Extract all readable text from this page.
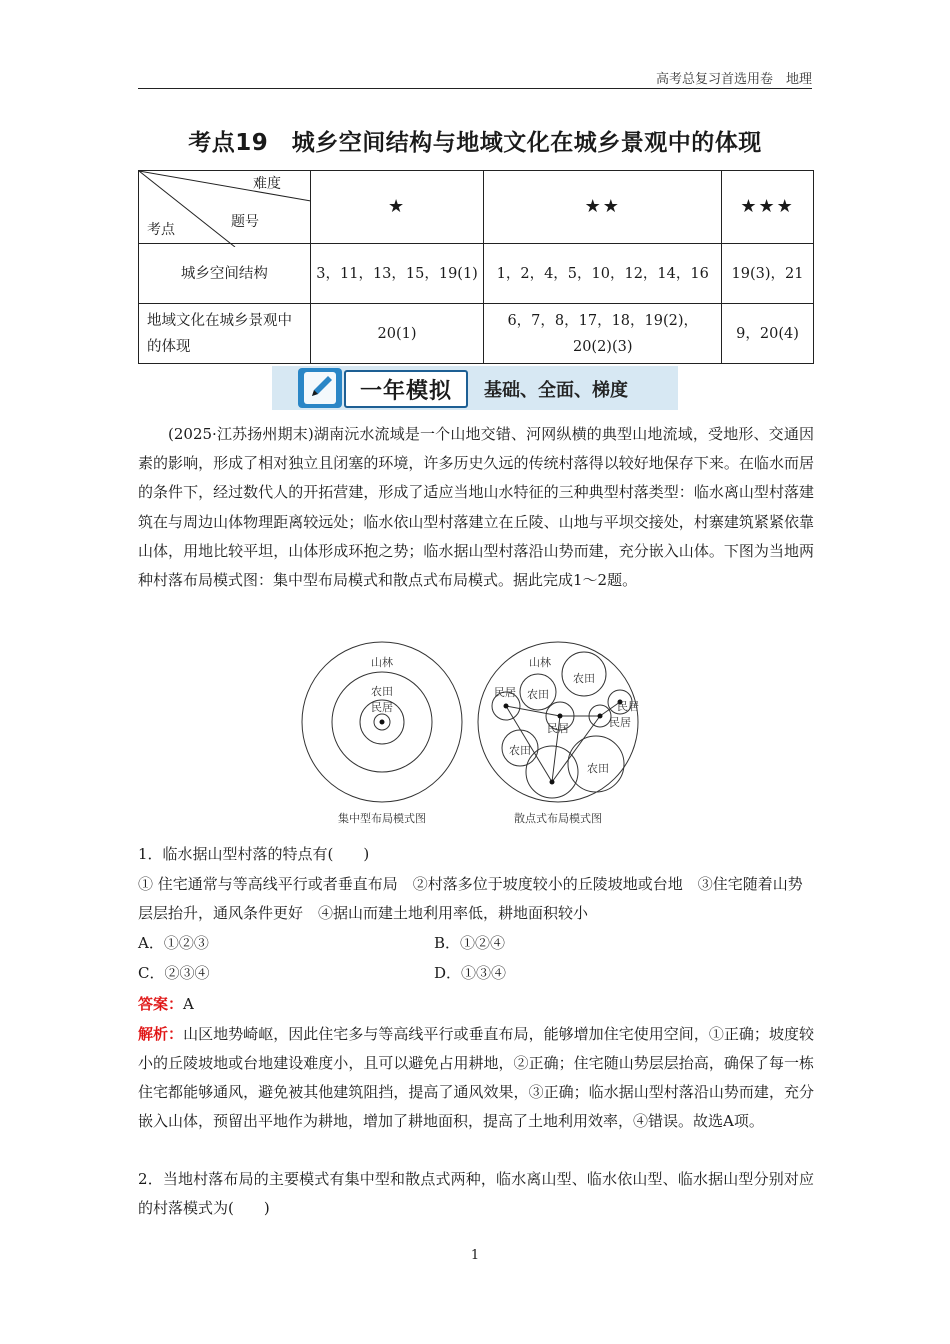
高考总复习首选用卷　地理
考点19　城乡空间结构与地域文化在城乡景观中的体现
难度
题号
考点	★	★★	★★★
城乡空间结构	3，11，13，15，19(1)	1，2，4，5，10，12，14，16	19(3)，21
地域文化在城乡景观中的体现	20(1)	6，7，8，17，18，19(2)，20(2)(3)	9，20(4)
一年模拟	基础、全面、梯度
(2025·江苏扬州期末)湖南沅水流域是一个山地交错、河网纵横的典型山地流域，受地形、交通因素的影响，形成了相对独立且闭塞的环境，许多历史久远的传统村落得以较好地保存下来。在临水而居的条件下，经过数代人的开拓营建，形成了适应当地山水特征的三种典型村落类型：临水离山型村落建筑在与周边山体物理距离较远处；临水依山型村落建立在丘陵、山地与平坝交接处，村寨建筑紧紧依靠山体，用地比较平坦，山体形成环抱之势；临水据山型村落沿山势而建，充分嵌入山体。下图为当地两种村落布局模式图：集中型布局模式和散点式布局模式。据此完成1～2题。
山林
农田
民居
集中型布局模式图
山林
农田
农田
农田
农田
民居
民居
民居
民居
散点式布局模式图
1．临水据山型村落的特点有(　　)
① 住宅通常与等高线平行或者垂直布局　②村落多位于坡度较小的丘陵坡地或台地　③住宅随着山势层层抬升，通风条件更好　④据山而建土地利用率低，耕地面积较小
A．①②③	B．①②④
C．②③④	D．①③④
答案：A
解析：山区地势崎岖，因此住宅多与等高线平行或垂直布局，能够增加住宅使用空间，①正确；坡度较小的丘陵坡地或台地建设难度小，且可以避免占用耕地，②正确；住宅随山势层层抬高，确保了每一栋住宅都能够通风，避免被其他建筑阻挡，提高了通风效果，③正确；临水据山型村落沿山势而建，充分嵌入山体，预留出平地作为耕地，增加了耕地面积，提高了土地利用效率，④错误。故选A项。
2．当地村落布局的主要模式有集中型和散点式两种，临水离山型、临水依山型、临水据山型分别对应的村落模式为(　　)
1
